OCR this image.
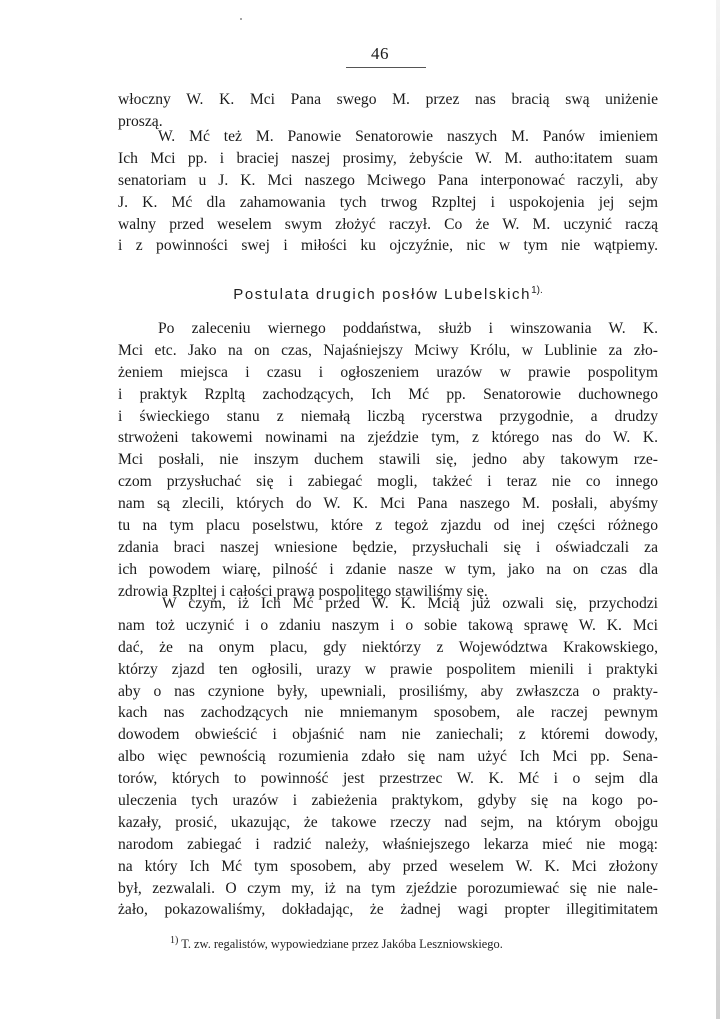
46
włoczny W. K. Mci Pana swego M. przez nas bracią swą uniżenie
proszą.
W. Mć też M. Panowie Senatorowie naszych M. Panów imieniem
Ich Mci pp. i braciej naszej prosimy, żebyście W. M. autho:itatem suam
senatoriam u J. K. Mci naszego Mciwego Pana interponować raczyli, aby
J. K. Mć dla zahamowania tych trwog Rzpltej i uspokojenia jej sejm
walny przed weselem swym złożyć raczył. Co że W. M. uczynić raczą
i z powinności swej i miłości ku ojczyźnie, nic w tym nie wątpiemy.
Postulata drugich posłów Lubelskich$^{1).}$
Po zaleceniu wiernego poddaństwa, służb i winszowania W. K.
Mci etc. Jako na on czas, Najaśniejszy Mciwy Królu, w Lublinie za zło-
żeniem miejsca i czasu i ogłoszeniem urazów w prawie pospolitym
i praktyk Rzpltą zachodzących, Ich Mć pp. Senatorowie duchownego
i świeckiego stanu z niemałą liczbą rycerstwa przygodnie, a drudzy
strwożeni takowemi nowinami na zjeździe tym, z którego nas do W. K.
Mci posłali, nie inszym duchem stawili się, jedno aby takowym rze-
czom przysłuchać się i zabiegać mogli, takżeć i teraz nie co innego
nam są zlecili, których do W. K. Mci Pana naszego M. posłali, abyśmy
tu na tym placu poselstwu, które z tegoż zjazdu od inej części różnego
zdania braci naszej wniesione będzie, przysłuchali się i oświadczali za
ich powodem wiarę, pilność i zdanie nasze w tym, jako na on czas dla
zdrowia Rzpltej i całości prawa pospolitego stawiliśmy się.
W czym, iż Ich Mć przed W. K. Mcią już ozwali się, przychodzi
nam toż uczynić i o zdaniu naszym i o sobie takową sprawę W. K. Mci
dać, że na onym placu, gdy niektórzy z Województwa Krakowskiego,
którzy zjazd ten ogłosili, urazy w prawie pospolitem mienili i praktyki
aby o nas czynione były, upewniali, prosiliśmy, aby zwłaszcza o prakty-
kach nas zachodzących nie mniemanym sposobem, ale raczej pewnym
dowodem obwieścić i objaśnić nam nie zaniechali; z któremi dowody,
albo więc pewnością rozumienia zdało się nam użyć Ich Mci pp. Sena-
torów, których to powinność jest przestrzec W. K. Mć i o sejm dla
uleczenia tych urazów i zabieżenia praktykom, gdyby się na kogo po-
kazały, prosić, ukazując, że takowe rzeczy nad sejm, na którym obojgu
narodom zabiegać i radzić należy, właśniejszego lekarza mieć nie mogą:
na który Ich Mć tym sposobem, aby przed weselem W. K. Mci złożony
był, zezwalali. O czym my, iż na tym zjeździe porozumiewać się nie nale-
żało, pokazowaliśmy, dokładając, że żadnej wagi propter illegitimitatem
$^{1)}$ T. zw. regalistów, wypowiedziane przez Jakóba Leszniowskiego.
